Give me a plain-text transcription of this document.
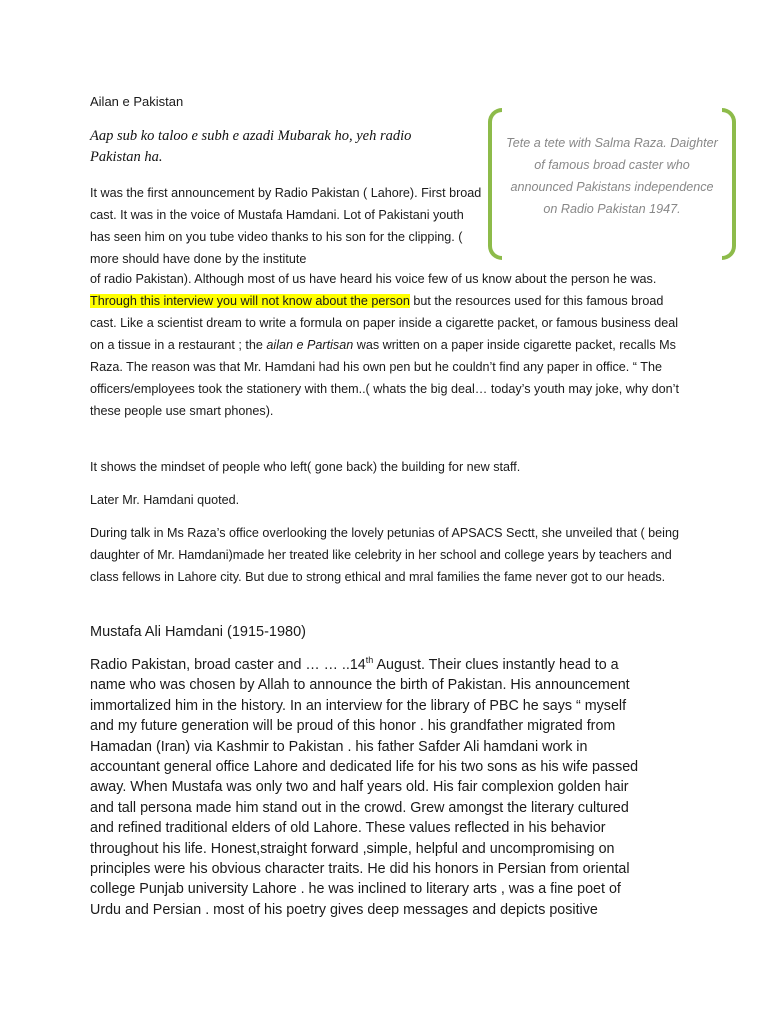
Ailan e Pakistan

Aap sub ko taloo e subh e azadi Mubarak ho, yeh radio Pakistan ha.

Tete a tete with Salma Raza. Daighter of famous broad caster who announced Pakistans independence on Radio Pakistan 1947.

It was the first announcement by Radio Pakistan ( Lahore). First broad cast. It was in the voice of Mustafa Hamdani. Lot of Pakistani youth has seen him on you tube video thanks to his son for the clipping. ( more should have done by the institute

of radio Pakistan). Although most of us have heard his voice few of us know about the person he was. Through this interview you will not know about the person but the resources used for this famous broad cast. Like a scientist dream to write a formula on paper inside a cigarette packet, or famous business deal on a tissue in a restaurant ; the ailan e Partisan was written on a paper inside cigarette packet, recalls Ms Raza. The reason was that Mr. Hamdani had his own pen but he couldn’t find any paper in office. “ The officers/employees took the stationery with them..( whats the big deal… today’s youth may joke, why don’t these people use smart phones).

It shows the mindset of people who left( gone back) the building for new staff.

Later Mr. Hamdani quoted.

During talk in Ms Raza’s office overlooking the lovely petunias of APSACS Sectt, she unveiled that ( being daughter of Mr. Hamdani)made her treated like celebrity in her school and college years by teachers and class fellows in Lahore city. But due to strong ethical and mral families the fame never got to our heads.

Mustafa Ali Hamdani (1915-1980)

Radio Pakistan, broad caster and … … ..14th August. Their clues instantly head to a name who was chosen by Allah to announce the birth of Pakistan. His announcement immortalized him in the history. In an interview for the library of PBC he says “ myself and my future generation will be proud of this honor . his grandfather migrated from Hamadan (Iran) via Kashmir to Pakistan . his father Safder Ali hamdani work in accountant general office Lahore and dedicated life for his two sons as his wife passed away. When Mustafa was only two and half years old. His fair complexion golden hair and tall persona made him stand out in the crowd. Grew amongst the literary cultured and refined traditional elders of old Lahore. These values reflected in his behavior throughout his life. Honest,straight forward ,simple, helpful and uncompromising on principles were his obvious character traits. He did his honors in Persian from oriental college Punjab university Lahore . he was inclined to literary arts , was a fine poet of Urdu and Persian . most of his poetry gives deep messages and depicts positive
